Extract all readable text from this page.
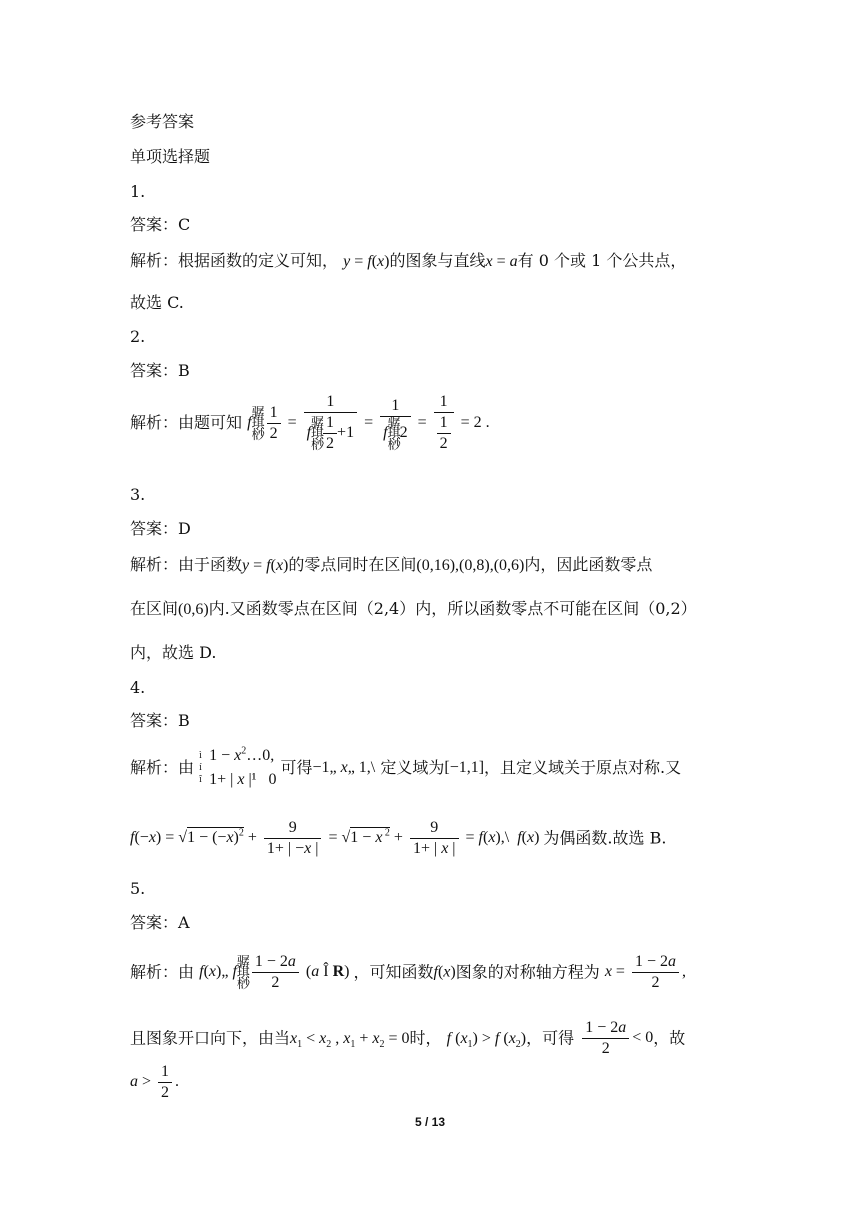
参考答案
单项选择题
1.
答案：C
解析：根据函数的定义可知， y = f(x)的图象与直线x = a有 0 个或 1 个公共点，
故选 C.
2.
答案：B
解析：由题可知 f骣
琪
桫 $\frac{1}{2}$ =
1
f骣
琪
桫
$\frac{1}{2} +1$
=
1
f骣
琪
桫2
= $\frac{1}{\frac{1}{2}} = 2$ .
3.
答案：D
解析：由于函数y = f(x)的零点同时在区间(0,16),(0,8),(0,6)内，因此函数零点
在区间(0,6)内.又函数零点在区间（2,4）内，所以函数零点不可能在区间（0,2）
内，故选 D.
4.
答案：B
解析：由 ì
í
î
$1 - x^2\dots 0$,
1+ | x |¹   0
可得−1„ x„ 1,\ 定义域为[−1,1]，且定义域关于原点对称.又
$f(-x) = √1 - (-x)^2 + \frac{9}{1+ | -x |} = √1 - x$ $^2 + \frac{9}{1+ | x |}$ = f(x),\  f(x) 为偶函数.故选 B.
5.
答案：A
解析：由 f(x)„ f骣
琪
桫 $\frac{1 - 2a}{2} (a$ Î R) ，可知函数f(x)图象的对称轴方程为 $x = \frac{1 - 2a}{2}$ ,
且图象开口向下，由当$x_1 < x_2$ , $x_1 + x_2 = 0$时， f $(x_1) > f$ $(x_2)$，可得 $\frac{1 - 2a}{2} < 0$，故
$a > \frac{1}{2}$ .
5 / 13
